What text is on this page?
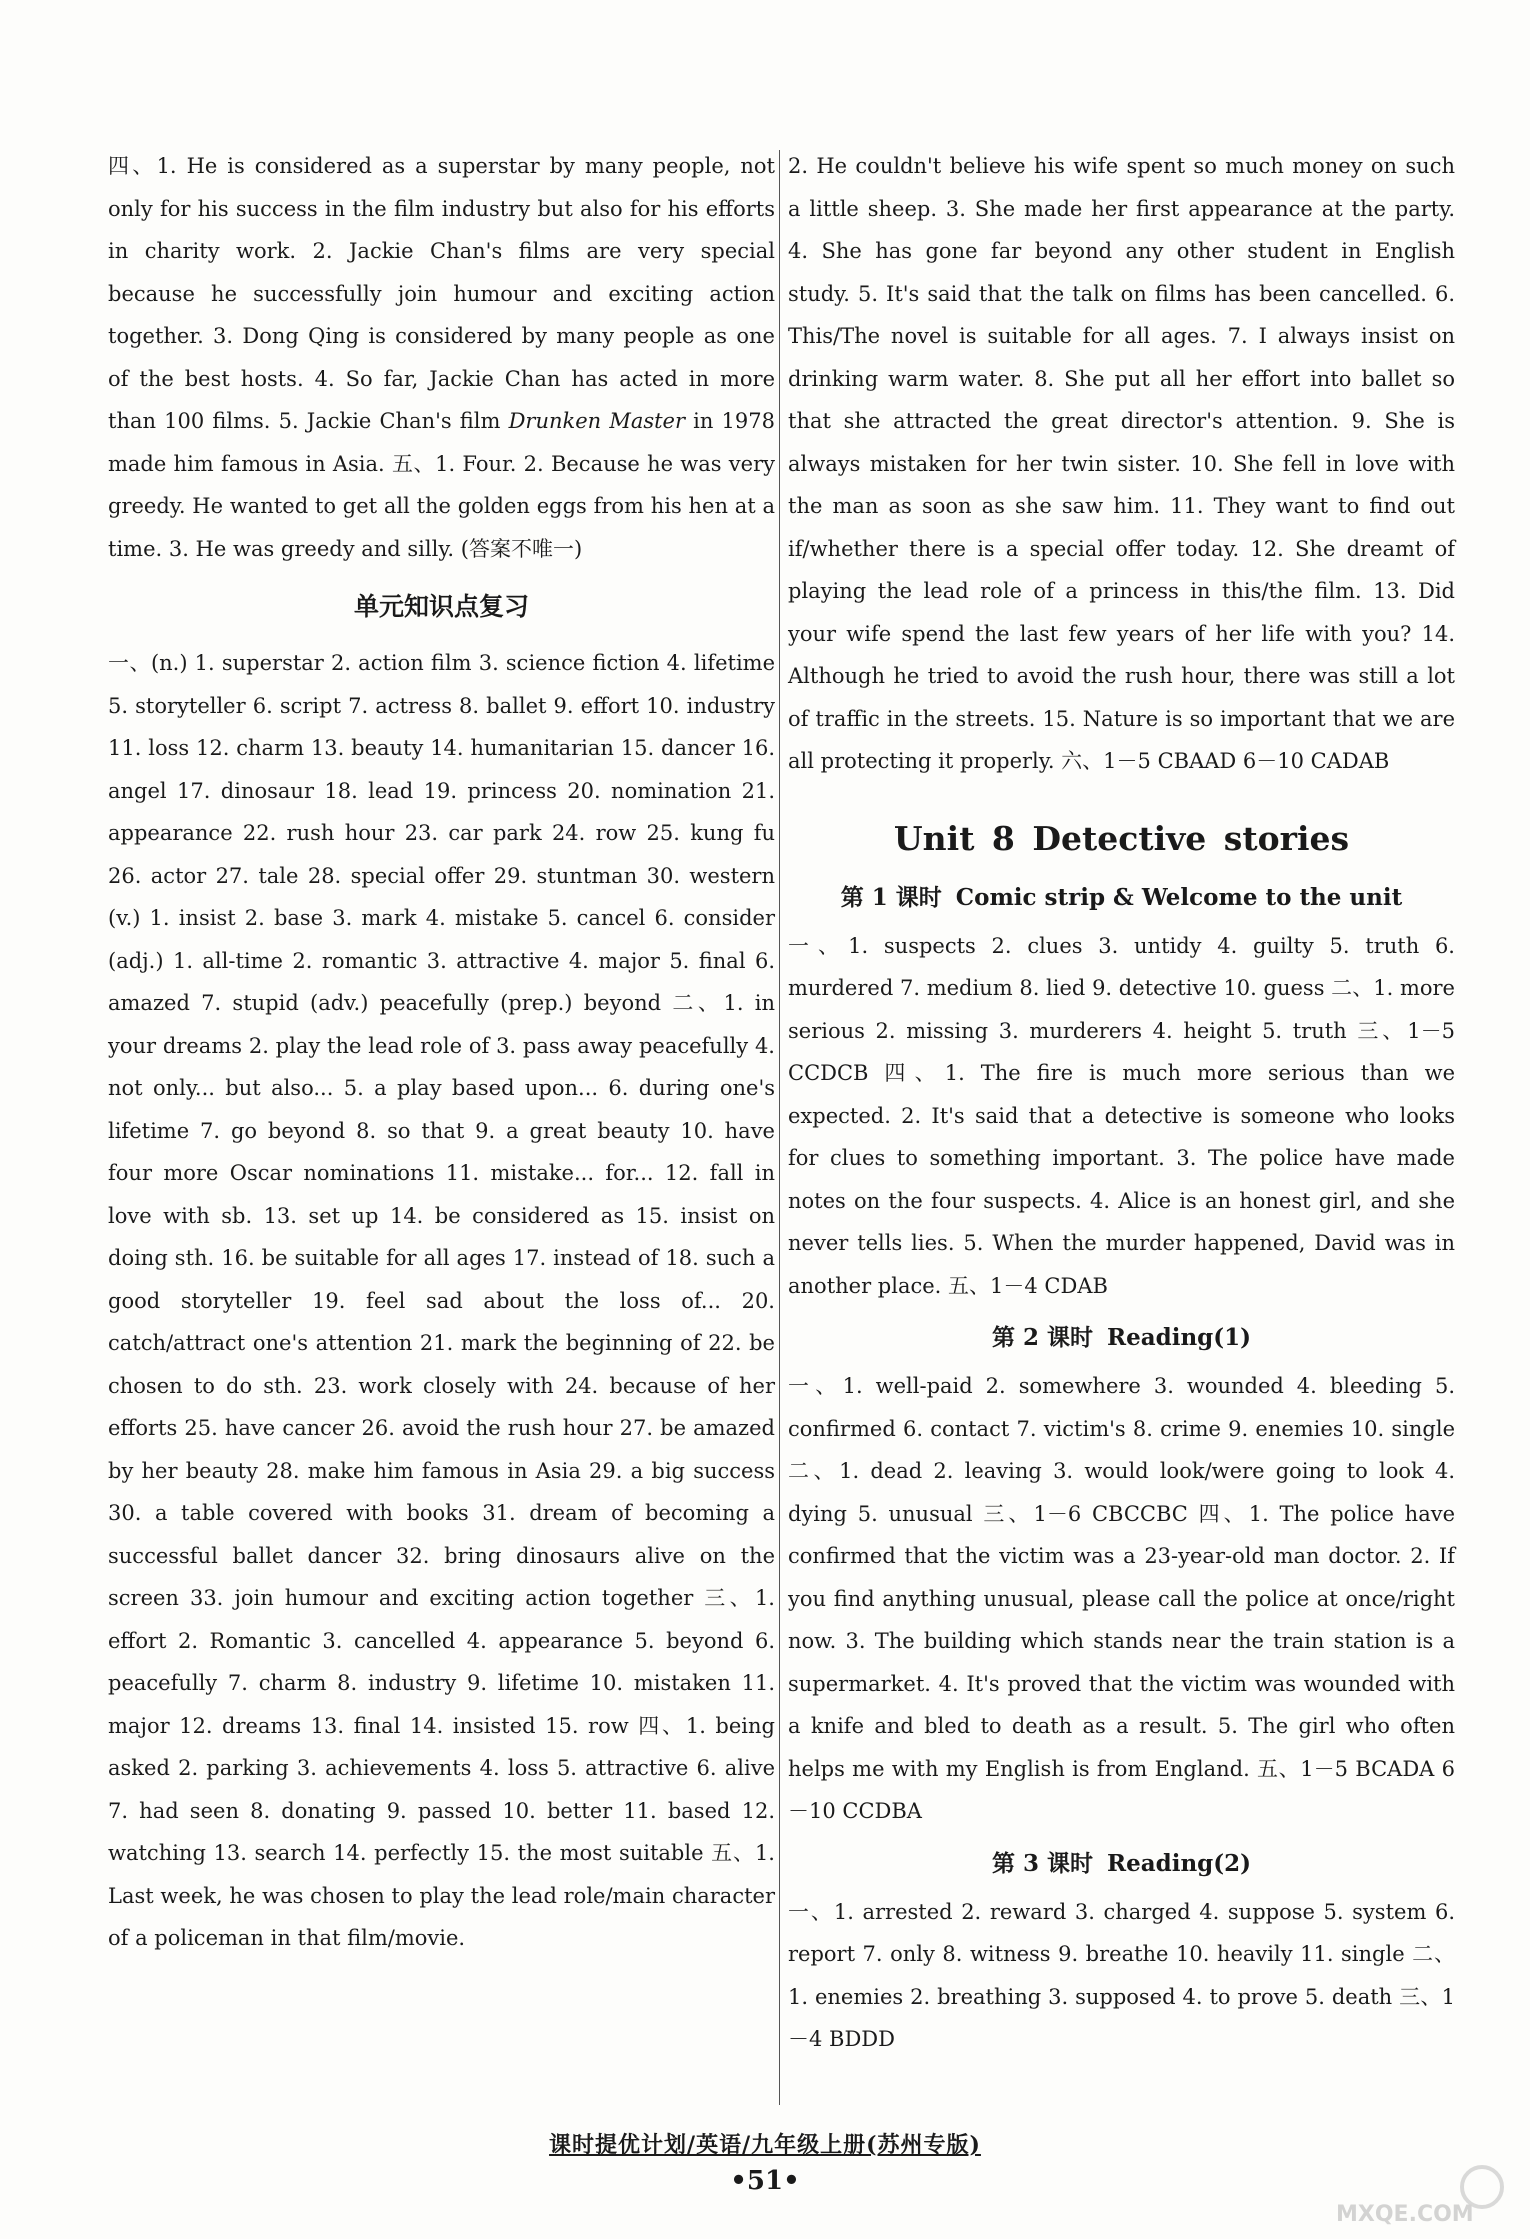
四、1. He is considered as a superstar by many people, not only for his success in the film industry but also for his efforts in charity work. 2. Jackie Chan's films are very special because he successfully join humour and exciting action together. 3. Dong Qing is considered by many people as one of the best hosts. 4. So far, Jackie Chan has acted in more than 100 films. 5. Jackie Chan's film Drunken Master in 1978 made him famous in Asia. 五、1. Four. 2. Because he was very greedy. He wanted to get all the golden eggs from his hen at a time. 3. He was greedy and silly. (答案不唯一)

单元知识点复习

一、(n.) 1. superstar 2. action film 3. science fiction 4. lifetime 5. storyteller 6. script 7. actress 8. ballet 9. effort 10. industry 11. loss 12. charm 13. beauty 14. humanitarian 15. dancer 16. angel 17. dinosaur 18. lead 19. princess 20. nomination 21. appearance 22. rush hour 23. car park 24. row 25. kung fu 26. actor 27. tale 28. special offer 29. stuntman 30. western (v.) 1. insist 2. base 3. mark 4. mistake 5. cancel 6. consider (adj.) 1. all-time 2. romantic 3. attractive 4. major 5. final 6. amazed 7. stupid (adv.) peacefully (prep.) beyond 二、1. in your dreams 2. play the lead role of 3. pass away peacefully 4. not only... but also... 5. a play based upon... 6. during one's lifetime 7. go beyond 8. so that 9. a great beauty 10. have four more Oscar nominations 11. mistake... for... 12. fall in love with sb. 13. set up 14. be considered as 15. insist on doing sth. 16. be suitable for all ages 17. instead of 18. such a good storyteller 19. feel sad about the loss of... 20. catch/attract one's attention 21. mark the beginning of 22. be chosen to do sth. 23. work closely with 24. because of her efforts 25. have cancer 26. avoid the rush hour 27. be amazed by her beauty 28. make him famous in Asia 29. a big success 30. a table covered with books 31. dream of becoming a successful ballet dancer 32. bring dinosaurs alive on the screen 33. join humour and exciting action together 三、1. effort 2. Romantic 3. cancelled 4. appearance 5. beyond 6. peacefully 7. charm 8. industry 9. lifetime 10. mistaken 11. major 12. dreams 13. final 14. insisted 15. row 四、1. being asked 2. parking 3. achievements 4. loss 5. attractive 6. alive 7. had seen 8. donating 9. passed 10. better 11. based 12. watching 13. search 14. perfectly 15. the most suitable 五、1. Last week, he was chosen to play the lead role/main character of a policeman in that film/movie.

2. He couldn't believe his wife spent so much money on such a little sheep. 3. She made her first appearance at the party. 4. She has gone far beyond any other student in English study. 5. It's said that the talk on films has been cancelled. 6. This/The novel is suitable for all ages. 7. I always insist on drinking warm water. 8. She put all her effort into ballet so that she attracted the great director's attention. 9. She is always mistaken for her twin sister. 10. She fell in love with the man as soon as she saw him. 11. They want to find out if/whether there is a special offer today. 12. She dreamt of playing the lead role of a princess in this/the film. 13. Did your wife spend the last few years of her life with you? 14. Although he tried to avoid the rush hour, there was still a lot of traffic in the streets. 15. Nature is so important that we are all protecting it properly. 六、1－5 CBAAD 6－10 CADAB

Unit 8 Detective stories
第 1 课时 Comic strip & Welcome to the unit

一、1. suspects 2. clues 3. untidy 4. guilty 5. truth 6. murdered 7. medium 8. lied 9. detective 10. guess 二、1. more serious 2. missing 3. murderers 4. height 5. truth 三、1－5 CCDCB 四、1. The fire is much more serious than we expected. 2. It's said that a detective is someone who looks for clues to something important. 3. The police have made notes on the four suspects. 4. Alice is an honest girl, and she never tells lies. 5. When the murder happened, David was in another place. 五、1－4 CDAB

第 2 课时 Reading(1)

一、1. well-paid 2. somewhere 3. wounded 4. bleeding 5. confirmed 6. contact 7. victim's 8. crime 9. enemies 10. single 二、1. dead 2. leaving 3. would look/were going to look 4. dying 5. unusual 三、1－6 CBCCBC 四、1. The police have confirmed that the victim was a 23-year-old man doctor. 2. If you find anything unusual, please call the police at once/right now. 3. The building which stands near the train station is a supermarket. 4. It's proved that the victim was wounded with a knife and bled to death as a result. 5. The girl who often helps me with my English is from England. 五、1－5 BCADA 6－10 CCDBA

第 3 课时 Reading(2)

一、1. arrested 2. reward 3. charged 4. suppose 5. system 6. report 7. only 8. witness 9. breathe 10. heavily 11. single 二、1. enemies 2. breathing 3. supposed 4. to prove 5. death 三、1－4 BDDD

课时提优计划/英语/九年级上册(苏州专版)
•51•
MXQE.COM
